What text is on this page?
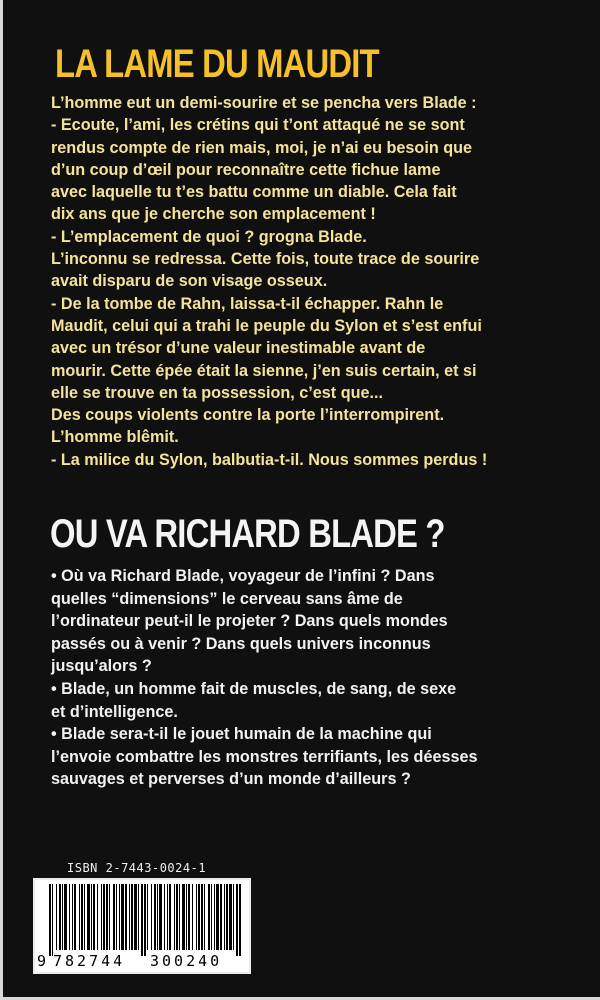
LA LAME DU MAUDIT
L’homme eut un demi-sourire et se pencha vers Blade :
- Ecoute, l’ami, les crétins qui t’ont attaqué ne se sont
rendus compte de rien mais, moi, je n’ai eu besoin que
d’un coup d’œil pour reconnaître cette fichue lame
avec laquelle tu t’es battu comme un diable. Cela fait
dix ans que je cherche son emplacement !
- L’emplacement de quoi ? grogna Blade.
L’inconnu se redressa. Cette fois, toute trace de sourire
avait disparu de son visage osseux.
- De la tombe de Rahn, laissa-t-il échapper. Rahn le
Maudit, celui qui a trahi le peuple du Sylon et s’est enfui
avec un trésor d’une valeur inestimable avant de
mourir. Cette épée était la sienne, j’en suis certain, et si
elle se trouve en ta possession, c’est que...
Des coups violents contre la porte l’interrompirent.
L’homme blêmit.
- La milice du Sylon, balbutia-t-il. Nous sommes perdus !
OU VA RICHARD BLADE ?
• Où va Richard Blade, voyageur de l’infini ? Dans
quelles “dimensions” le cerveau sans âme de
l’ordinateur peut-il le projeter ? Dans quels mondes
passés ou à venir ? Dans quels univers inconnus
jusqu’alors ?
• Blade, un homme fait de muscles, de sang, de sexe
et d’intelligence.
• Blade sera-t-il le jouet humain de la machine qui
l’envoie combattre les monstres terrifiants, les déesses
sauvages et perverses d’un monde d’ailleurs ?
ISBN 2-7443-0024-1
9 782744 300240
